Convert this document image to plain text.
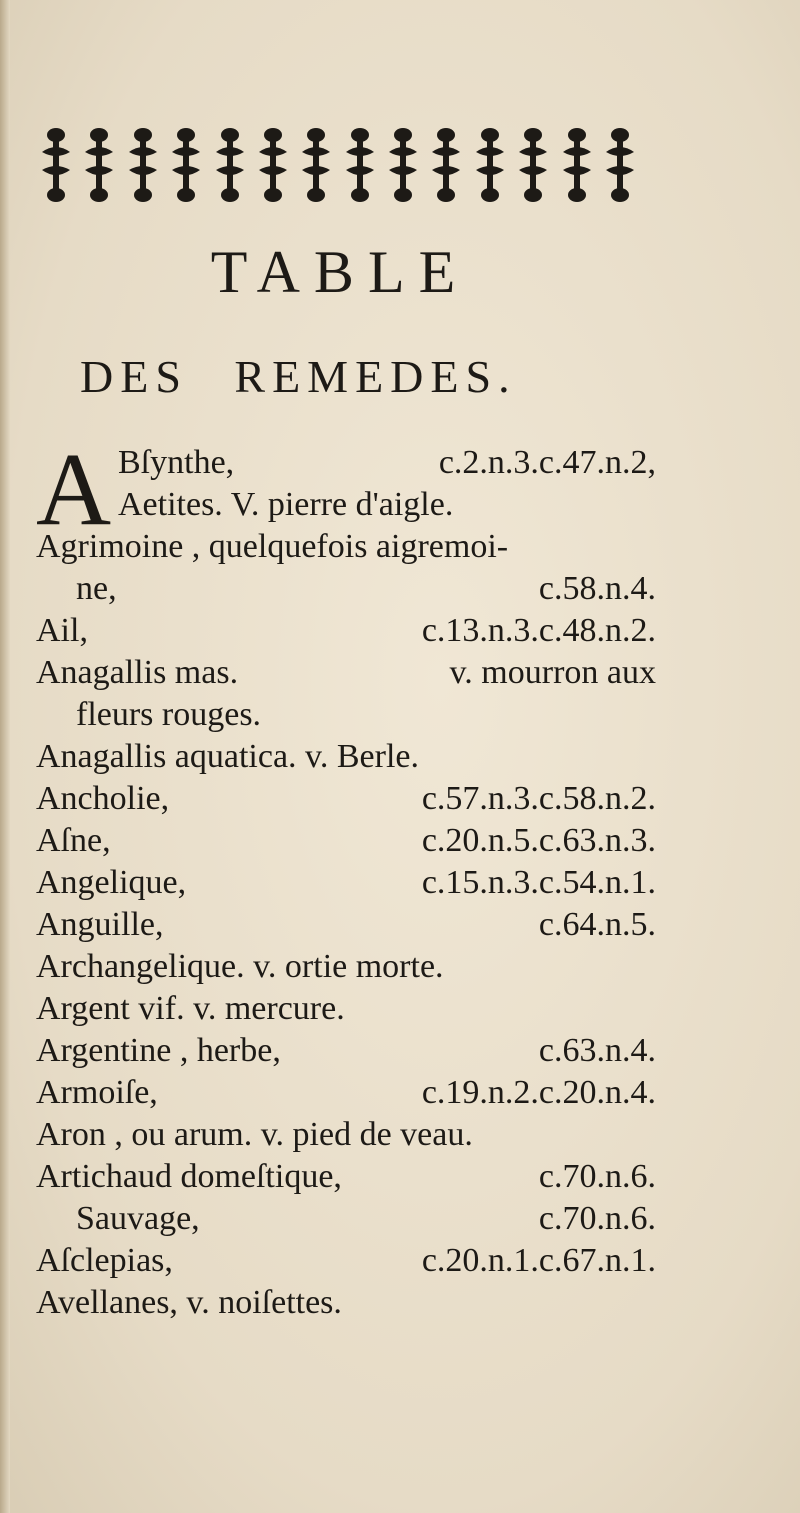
TABLE
DES REMEDES.
A Bſynthe,	c.2.n.3.c.47.n.2,
Aetites. V. pierre d'aigle.
Agrimoine , quelquefois aigremoi-
ne,	c.58.n.4.
Ail,	c.13.n.3.c.48.n.2.
Anagallis mas.	v. mourron aux
fleurs rouges.
Anagallis aquatica. v. Berle.
Ancholie,	c.57.n.3.c.58.n.2.
Aſne,	c.20.n.5.c.63.n.3.
Angelique,	c.15.n.3.c.54.n.1.
Anguille,	c.64.n.5.
Archangelique. v. ortie morte.
Argent vif. v. mercure.
Argentine , herbe,	c.63.n.4.
Armoiſe,	c.19.n.2.c.20.n.4.
Aron , ou arum. v. pied de veau.
Artichaud domeſtique,	c.70.n.6.
Sauvage,	c.70.n.6.
Aſclepias,	c.20.n.1.c.67.n.1.
Avellanes, v. noiſettes.
